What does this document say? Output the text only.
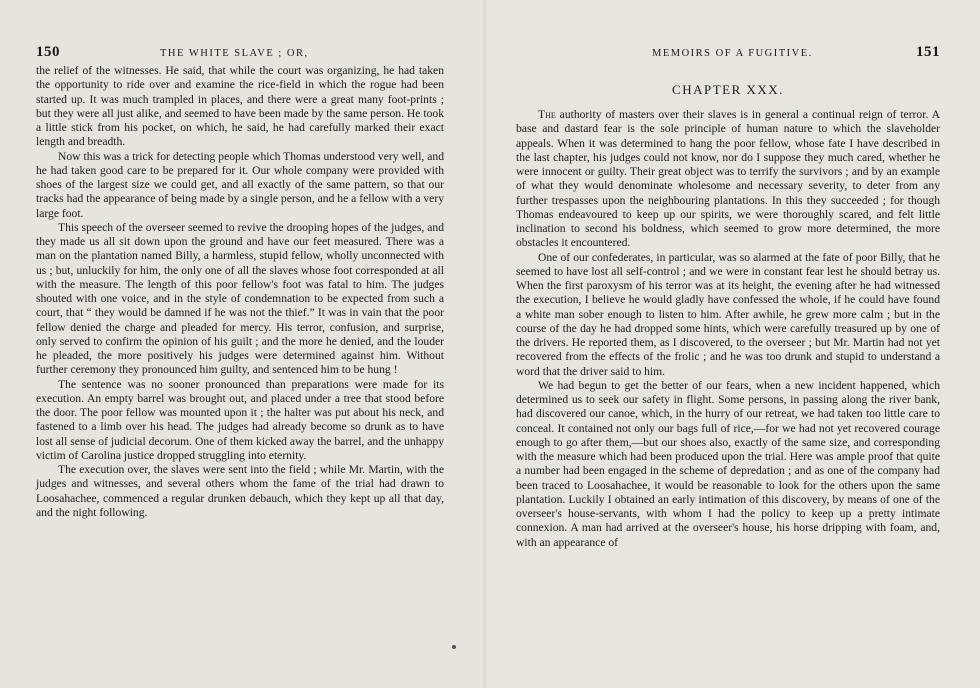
150	THE WHITE SLAVE ; OR,

the relief of the witnesses. He said, that while the court was organizing, he had taken the opportunity to ride over and examine the rice-field in which the rogue had been started up. It was much trampled in places, and there were a great many foot-prints ; but they were all just alike, and seemed to have been made by the same person. He took a little stick from his pocket, on which, he said, he had carefully marked their exact length and breadth.

Now this was a trick for detecting people which Thomas understood very well, and he had taken good care to be prepared for it. Our whole company were provided with shoes of the largest size we could get, and all exactly of the same pattern, so that our tracks had the appearance of being made by a single person, and he a fellow with a very large foot.

This speech of the overseer seemed to revive the drooping hopes of the judges, and they made us all sit down upon the ground and have our feet measured. There was a man on the plantation named Billy, a harmless, stupid fellow, wholly unconnected with us ; but, unluckily for him, the only one of all the slaves whose foot corresponded at all with the measure. The length of this poor fellow's foot was fatal to him. The judges shouted with one voice, and in the style of condemnation to be expected from such a court, that “ they would be damned if he was not the thief.” It was in vain that the poor fellow denied the charge and pleaded for mercy. His terror, confusion, and surprise, only served to confirm the opinion of his guilt ; and the more he denied, and the louder he pleaded, the more positively his judges were determined against him. Without further ceremony they pronounced him guilty, and sentenced him to be hung !

The sentence was no sooner pronounced than preparations were made for its execution. An empty barrel was brought out, and placed under a tree that stood before the door. The poor fellow was mounted upon it ; the halter was put about his neck, and fastened to a limb over his head. The judges had already become so drunk as to have lost all sense of judicial decorum. One of them kicked away the barrel, and the unhappy victim of Carolina justice dropped struggling into eternity.

The execution over, the slaves were sent into the field ; while Mr. Martin, with the judges and witnesses, and several others whom the fame of the trial had drawn to Loosahachee, commenced a regular drunken debauch, which they kept up all that day, and the night following.

MEMOIRS OF A FUGITIVE.	151
CHAPTER XXX.

The authority of masters over their slaves is in general a continual reign of terror. A base and dastard fear is the sole principle of human nature to which the slaveholder appeals. When it was determined to hang the poor fellow, whose fate I have described in the last chapter, his judges could not know, nor do I suppose they much cared, whether he were innocent or guilty. Their great object was to terrify the survivors ; and by an example of what they would denominate wholesome and necessary severity, to deter from any further trespasses upon the neighbouring plantations. In this they succeeded ; for though Thomas endeavoured to keep up our spirits, we were thoroughly scared, and felt little inclination to second his boldness, which seemed to grow more determined, the more obstacles it encountered.

One of our confederates, in particular, was so alarmed at the fate of poor Billy, that he seemed to have lost all self-control ; and we were in constant fear lest he should betray us. When the first paroxysm of his terror was at its height, the evening after he had witnessed the execution, I believe he would gladly have confessed the whole, if he could have found a white man sober enough to listen to him. After awhile, he grew more calm ; but in the course of the day he had dropped some hints, which were carefully treasured up by one of the drivers. He reported them, as I discovered, to the overseer ; but Mr. Martin had not yet recovered from the effects of the frolic ; and he was too drunk and stupid to understand a word that the driver said to him.

We had begun to get the better of our fears, when a new incident happened, which determined us to seek our safety in flight. Some persons, in passing along the river bank, had discovered our canoe, which, in the hurry of our retreat, we had taken too little care to conceal. It contained not only our bags full of rice,—for we had not yet recovered courage enough to go after them,—but our shoes also, exactly of the same size, and corresponding with the measure which had been produced upon the trial. Here was ample proof that quite a number had been engaged in the scheme of depredation ; and as one of the company had been traced to Loosahachee, it would be reasonable to look for the others upon the same plantation. Luckily I obtained an early intimation of this discovery, by means of one of the overseer's house-servants, with whom I had the policy to keep up a pretty intimate connexion. A man had arrived at the overseer's house, his horse dripping with foam, and, with an appearance of
